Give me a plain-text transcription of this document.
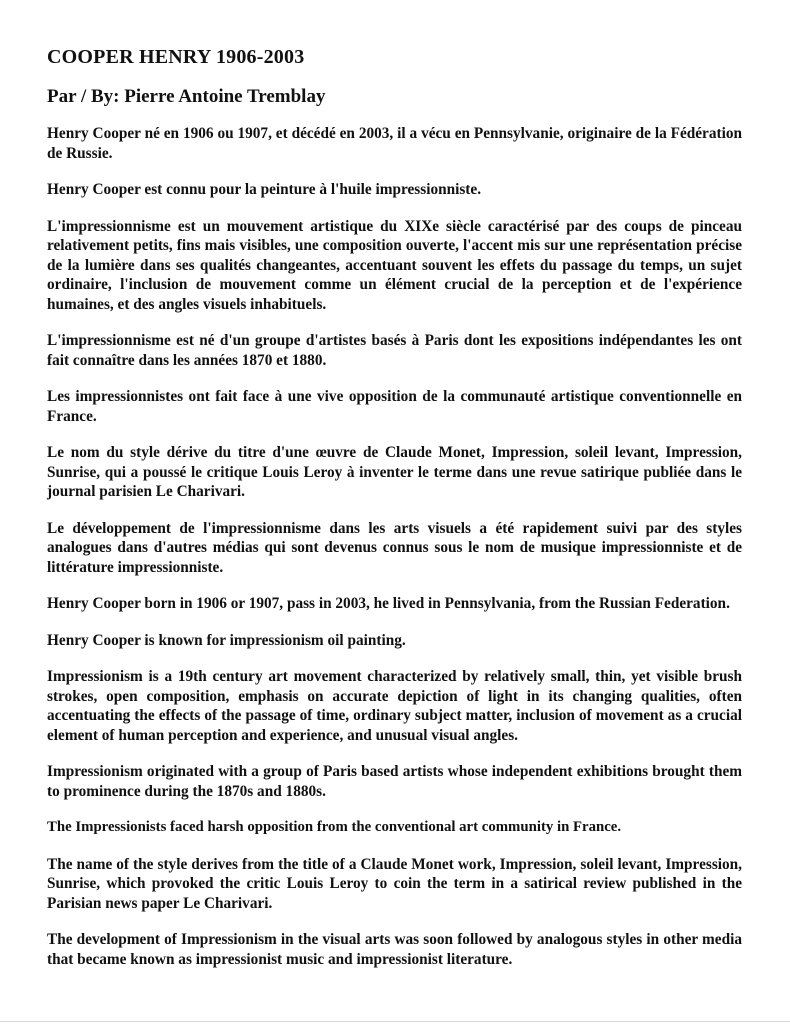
COOPER HENRY 1906-2003
Par / By: Pierre Antoine Tremblay

Henry Cooper né en 1906 ou 1907, et décédé en 2003, il a vécu en Pennsylvanie, originaire de la Fédération de Russie.

Henry Cooper est connu pour la peinture à l'huile impressionniste.

L'impressionnisme est un mouvement artistique du XIXe siècle caractérisé par des coups de pinceau relativement petits, fins mais visibles, une composition ouverte, l'accent mis sur une représentation précise de la lumière dans ses qualités changeantes, accentuant souvent les effets du passage du temps, un sujet ordinaire, l'inclusion de mouvement comme un élément crucial de la perception et de l'expérience humaines, et des angles visuels inhabituels.

L'impressionnisme est né d'un groupe d'artistes basés à Paris dont les expositions indépendantes les ont fait connaître dans les années 1870 et 1880.

Les impressionnistes ont fait face à une vive opposition de la communauté artistique conventionnelle en France.

Le nom du style dérive du titre d'une œuvre de Claude Monet, Impression, soleil levant, Impression, Sunrise, qui a poussé le critique Louis Leroy à inventer le terme dans une revue satirique publiée dans le journal parisien Le Charivari.

Le développement de l'impressionnisme dans les arts visuels a été rapidement suivi par des styles analogues dans d'autres médias qui sont devenus connus sous le nom de musique impressionniste et de littérature impressionniste.

Henry Cooper born in 1906 or 1907, pass in 2003, he lived in Pennsylvania, from the Russian Federation.

Henry Cooper is known for impressionism oil painting.

Impressionism is a 19th century art movement characterized by relatively small, thin, yet visible brush strokes, open composition, emphasis on accurate depiction of light in its changing qualities, often accentuating the effects of the passage of time, ordinary subject matter, inclusion of movement as a crucial element of human perception and experience, and unusual visual angles.

Impressionism originated with a group of Paris based artists whose independent exhibitions brought them to prominence during the 1870s and 1880s.

The Impressionists faced harsh opposition from the conventional art community in France.

The name of the style derives from the title of a Claude Monet work, Impression, soleil levant, Impression, Sunrise, which provoked the critic Louis Leroy to coin the term in a satirical review published in the Parisian news paper Le Charivari.

The development of Impressionism in the visual arts was soon followed by analogous styles in other media that became known as impressionist music and impressionist literature.
